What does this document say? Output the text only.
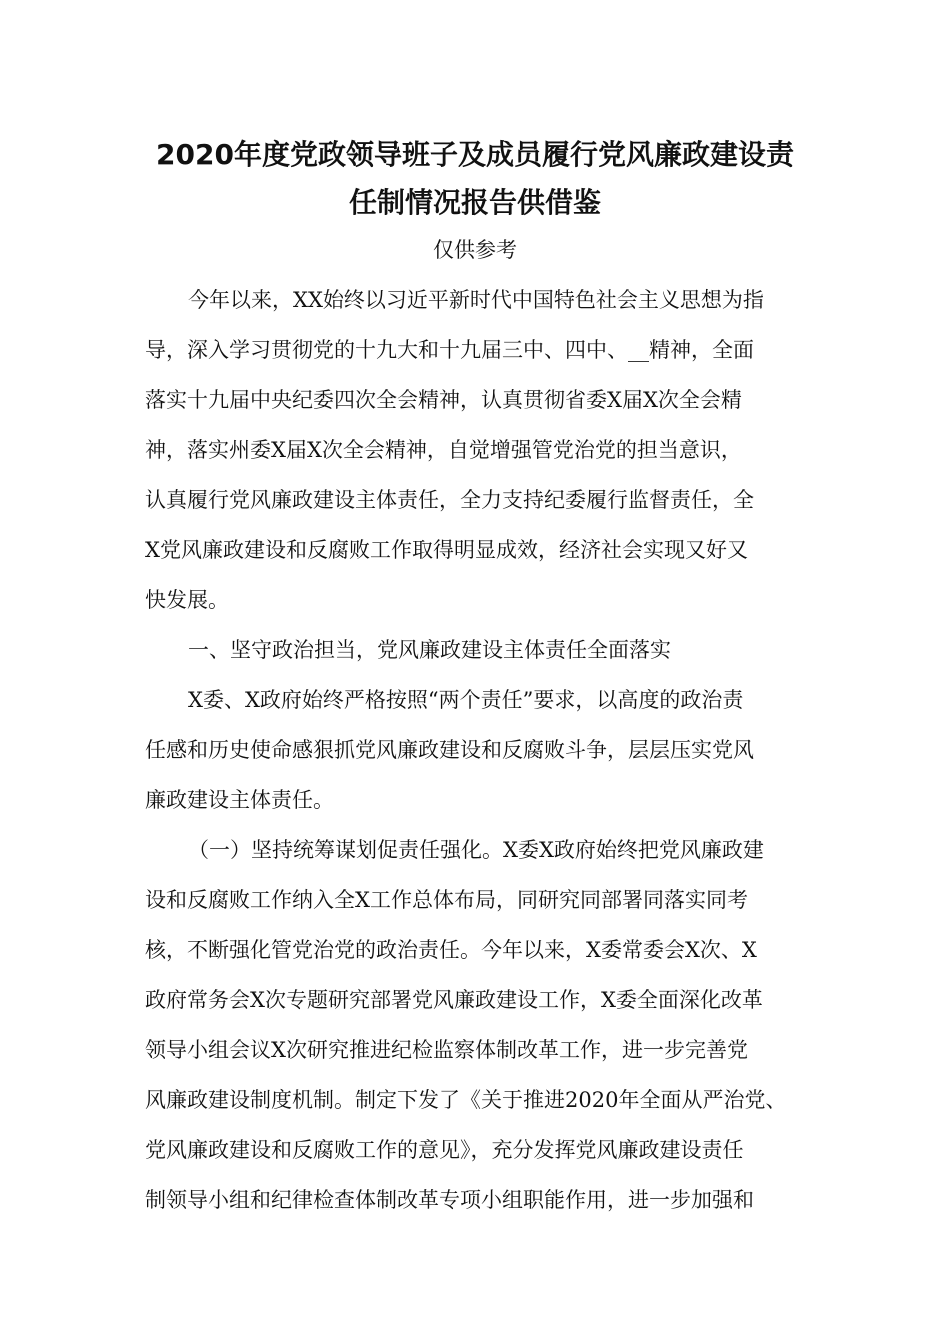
2020年度党政领导班子及成员履行党风廉政建设责
任制情况报告供借鉴

仅供参考

今年以来，XX始终以习近平新时代中国特色社会主义思想为指

导，深入学习贯彻党的十九大和十九届三中、四中、__精神，全面

落实十九届中央纪委四次全会精神，认真贯彻省委X届X次全会精

神，落实州委X届X次全会精神，自觉增强管党治党的担当意识，

认真履行党风廉政建设主体责任，全力支持纪委履行监督责任，全

X党风廉政建设和反腐败工作取得明显成效，经济社会实现又好又

快发展。

一、坚守政治担当，党风廉政建设主体责任全面落实

X委、X政府始终严格按照“两个责任”要求，以高度的政治责

任感和历史使命感狠抓党风廉政建设和反腐败斗争，层层压实党风

廉政建设主体责任。

（一）坚持统筹谋划促责任强化。X委X政府始终把党风廉政建

设和反腐败工作纳入全X工作总体布局，同研究同部署同落实同考

核，不断强化管党治党的政治责任。今年以来，X委常委会X次、X

政府常务会X次专题研究部署党风廉政建设工作，X委全面深化改革

领导小组会议X次研究推进纪检监察体制改革工作，进一步完善党

风廉政建设制度机制。制定下发了《关于推进2020年全面从严治党、

党风廉政建设和反腐败工作的意见》，充分发挥党风廉政建设责任

制领导小组和纪律检查体制改革专项小组职能作用，进一步加强和
